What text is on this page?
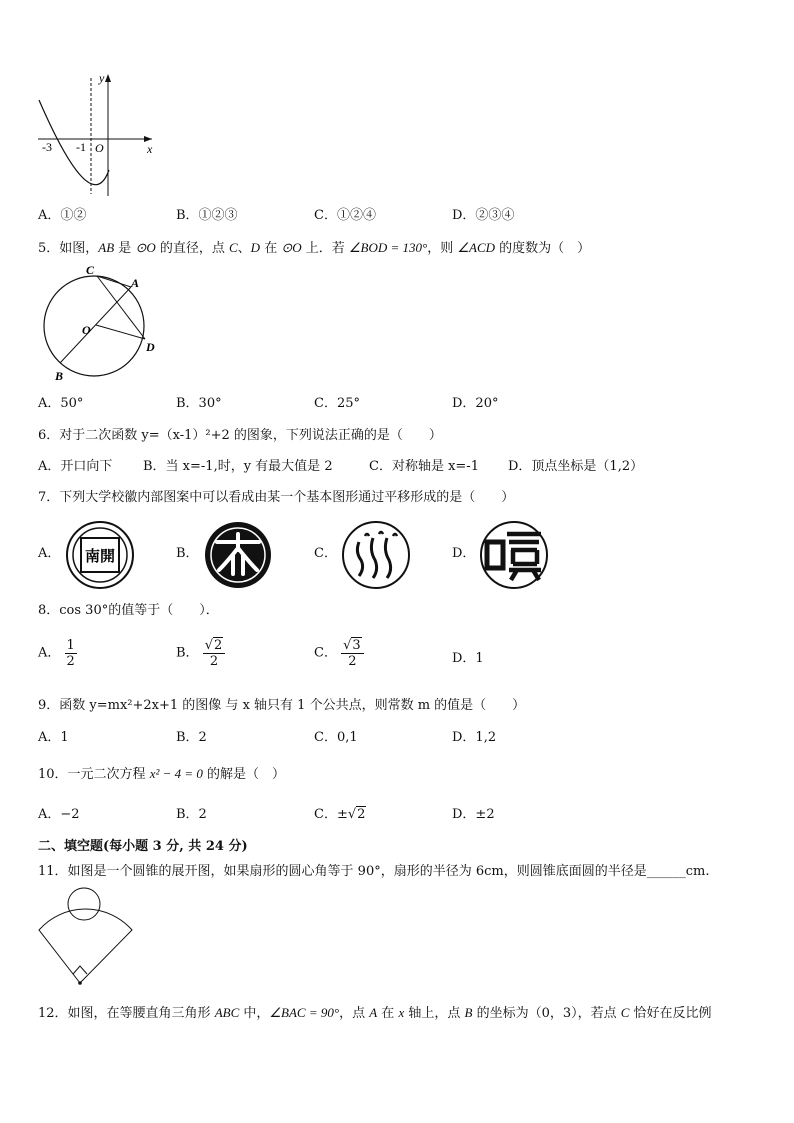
y
x
-3 -1 O
A．①②	B．①②③	C．①②④	D．②③④
5．如图，AB 是 ⊙O 的直径，点 C、D 在 ⊙O 上．若 ∠BOD = 130°，则 ∠ACD 的度数为（　）
C
A
O
D
B
A．50°	B．30°	C．25°	D．20°
6．对于二次函数 y=（x-1）²+2 的图象，下列说法正确的是（　　）
A．开口向下 B．当 x=-1,时，y 有最大值是 2	C．对称轴是 x=-1 D．顶点坐标是（1,2）
7．下列大学校徽内部图案中可以看成由某一个基本图形通过平移形成的是（　　）
A． 南開	B．	C．	D．
8．cos 30°的值等于（　　）．
A． $\frac{1}{2}$	B． $\frac{√2}{2}$	C． $\frac{√3}{2}$	D．1
9．函数 y=mx²+2x+1 的图像 与 x 轴只有 1 个公共点，则常数 m 的值是（　　）
A．1	B．2	C．0,1	D．1,2
10．一元二次方程 x² − 4 = 0 的解是（　）
A．−2	B．2	C．±√2	D．±2
二、填空题(每小题 3 分, 共 24 分)
11．如图是一个圆锥的展开图，如果扇形的圆心角等于 90°，扇形的半径为 6cm，则圆锥底面圆的半径是______cm.
12．如图，在等腰直角三角形 ABC 中，∠BAC = 90°，点 A 在 x 轴上，点 B 的坐标为（0，3），若点 C 恰好在反比例
